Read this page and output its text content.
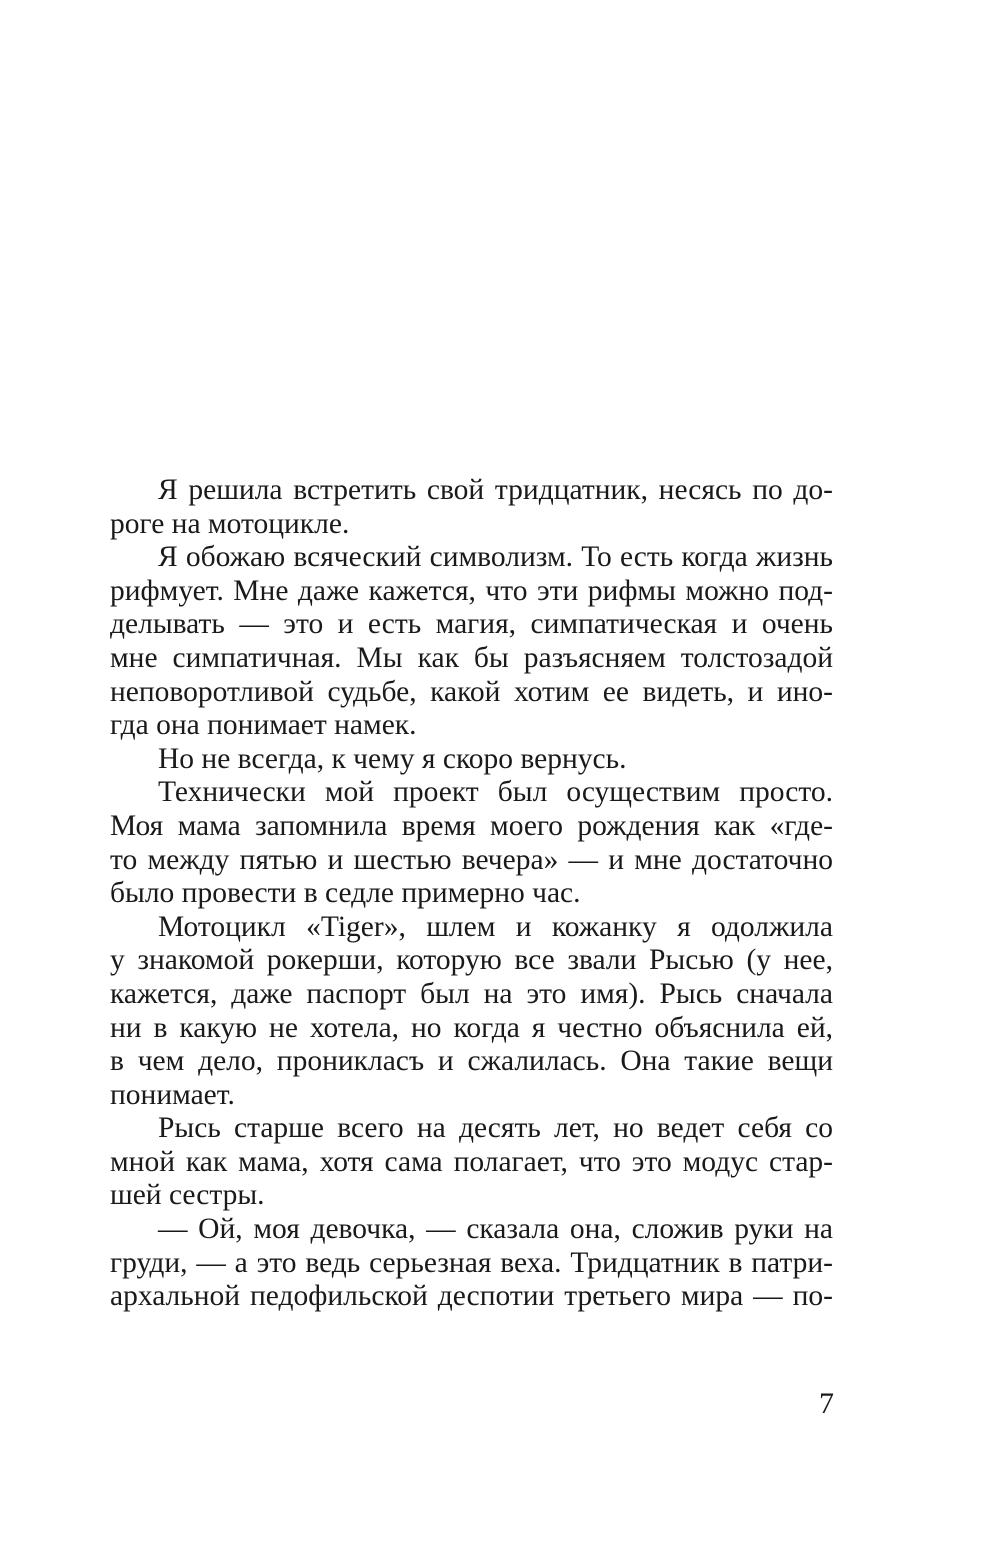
Я решила встретить свой тридцатник, несясь по до-
роге на мотоцикле.
Я обожаю всяческий символизм. То есть когда жизнь
рифмует. Мне даже кажется, что эти рифмы можно под-
делывать — это и есть магия, симпатическая и очень
мне симпатичная. Мы как бы разъясняем толстозадой
неповоротливой судьбе, какой хотим ее видеть, и ино-
гда она понимает намек.
Но не всегда, к чему я скоро вернусь.
Технически мой проект был осуществим просто.
Моя мама запомнила время моего рождения как «где-
то между пятью и шестью вечера» — и мне достаточно
было провести в седле примерно час.
Мотоцикл «Tiger», шлем и кожанку я одолжила
у знакомой рокерши, которую все звали Рысью (у нее,
кажется, даже паспорт был на это имя). Рысь сначала
ни в какую не хотела, но когда я честно объяснила ей,
в чем дело, проникласъ и сжалилась. Она такие вещи
понимает.
Рысь старше всего на десять лет, но ведет себя со
мной как мама, хотя сама полагает, что это модус стар-
шей сестры.
— Ой, моя девочка, — сказала она, сложив руки на
груди, — а это ведь серьезная веха. Тридцатник в патри-
архальной педофильской деспотии третьего мира — по-
7
